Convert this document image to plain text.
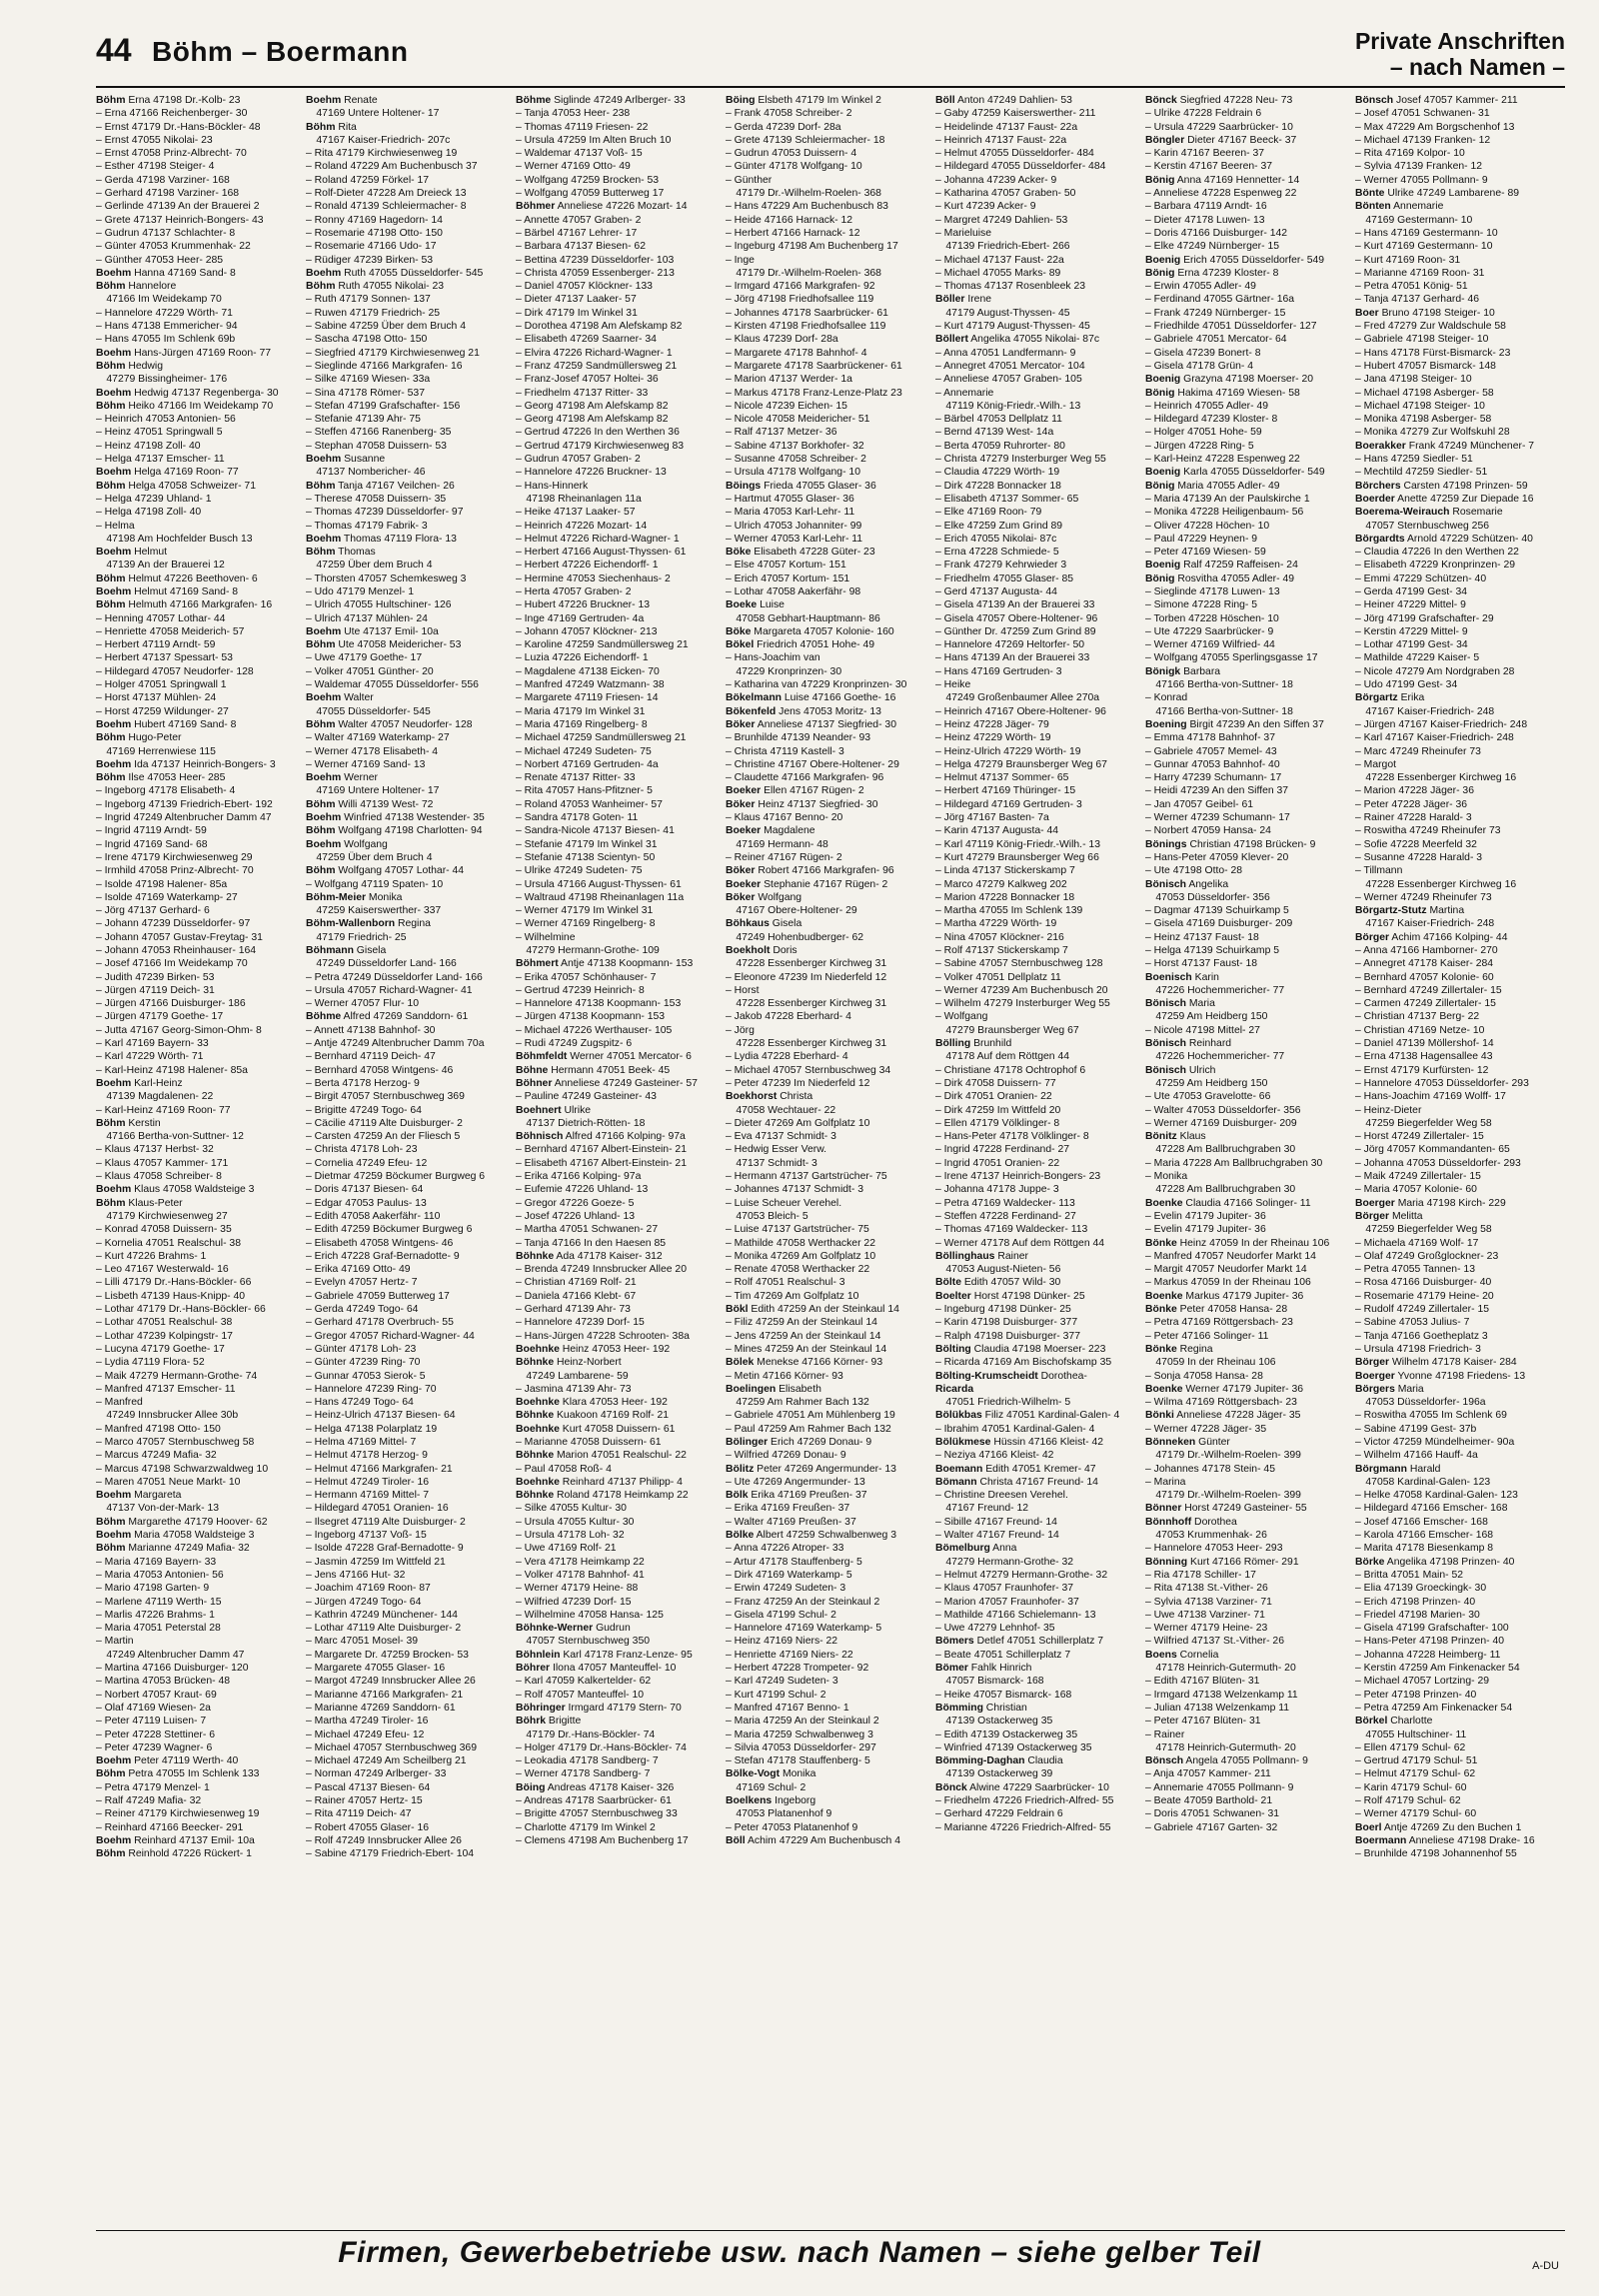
44 Böhm – Boermann	Private Anschriften
– nach Namen –
Böhm Erna 47198 Dr.-Kolb- 23
– Erna 47166 Reichenberger- 30
– Ernst 47179 Dr.-Hans-Böckler- 48
– Ernst 47055 Nikolai- 23
– Ernst 47058 Prinz-Albrecht- 70
– Esther 47198 Steiger- 4
– Gerda 47198 Varziner- 168
– Gerhard 47198 Varziner- 168
– Gerlinde 47139 An der Brauerei 2
– Grete 47137 Heinrich-Bongers- 43
– Gudrun 47137 Schlachter- 8
– Günter 47053 Krummenhak- 22
– Günther 47053 Heer- 285
Boehm Hanna 47169 Sand- 8
Böhm Hannelore
 47166 Im Weidekamp 70
– Hannelore 47229 Wörth- 71
– Hans 47138 Emmericher- 94
– Hans 47055 Im Schlenk 69b
Boehm Hans-Jürgen 47169 Roon- 77
Böhm Hedwig
 47279 Bissingheimer- 176
Boehm Hedwig 47137 Regenberga- 30
Böhm Heiko 47166 Im Weidekamp 70
– Heinrich 47053 Antonien- 56
– Heinz 47051 Springwall 5
– Heinz 47198 Zoll- 40
– Helga 47137 Emscher- 11
Boehm Helga 47169 Roon- 77
Böhm Helga 47058 Schweizer- 71
– Helga 47239 Uhland- 1
– Helga 47198 Zoll- 40
– Helma
 47198 Am Hochfelder Busch 13
Boehm Helmut
 47139 An der Brauerei 12
Böhm Helmut 47226 Beethoven- 6
Boehm Helmut 47169 Sand- 8
Böhm Helmuth 47166 Markgrafen- 16
– Henning 47057 Lothar- 44
– Henriette 47058 Meiderich- 57
– Herbert 47119 Arndt- 59
– Herbert 47137 Spessart- 53
– Hildegard 47057 Neudorfer- 128
– Holger 47051 Springwall 1
– Horst 47137 Mühlen- 24
– Horst 47259 Wildunger- 27
Boehm Hubert 47169 Sand- 8
Böhm Hugo-Peter
 47169 Herrenwiese 115
Boehm Ida 47137 Heinrich-Bongers- 3
Böhm Ilse 47053 Heer- 285
– Ingeborg 47178 Elisabeth- 4
– Ingeborg 47139 Friedrich-Ebert- 192
– Ingrid 47249 Altenbrucher Damm 47
– Ingrid 47119 Arndt- 59
– Ingrid 47169 Sand- 68
– Irene 47179 Kirchwiesenweg 29
– Irmhild 47058 Prinz-Albrecht- 70
– Isolde 47198 Halener- 85a
– Isolde 47169 Waterkamp- 27
– Jörg 47137 Gerhard- 6
– Johann 47239 Düsseldorfer- 97
– Johann 47057 Gustav-Freytag- 31
– Johann 47053 Rheinhauser- 164
– Josef 47166 Im Weidekamp 70
– Judith 47239 Birken- 53
– Jürgen 47119 Deich- 31
– Jürgen 47166 Duisburger- 186
– Jürgen 47179 Goethe- 17
– Jutta 47167 Georg-Simon-Ohm- 8
– Karl 47169 Bayern- 33
– Karl 47229 Wörth- 71
– Karl-Heinz 47198 Halener- 85a
Boehm Karl-Heinz
 47139 Magdalenen- 22
– Karl-Heinz 47169 Roon- 77
Böhm Kerstin
 47166 Bertha-von-Suttner- 12
– Klaus 47137 Herbst- 32
– Klaus 47057 Kammer- 171
– Klaus 47058 Schreiber- 8
Boehm Klaus 47058 Waldsteige 3
Böhm Klaus-Peter
 47179 Kirchwiesenweg 27
– Konrad 47058 Duissern- 35
– Kornelia 47051 Realschul- 38
– Kurt 47226 Brahms- 1
– Leo 47167 Westerwald- 16
– Lilli 47179 Dr.-Hans-Böckler- 66
– Lisbeth 47139 Haus-Knipp- 40
– Lothar 47179 Dr.-Hans-Böckler- 66
– Lothar 47051 Realschul- 38
– Lothar 47239 Kolpingstr- 17
– Lucyna 47179 Goethe- 17
– Lydia 47119 Flora- 52
– Maik 47279 Hermann-Grothe- 74
– Manfred 47137 Emscher- 11
– Manfred
 47249 Innsbrucker Allee 30b
– Manfred 47198 Otto- 150
– Marco 47057 Sternbuschweg 58
– Marcus 47249 Mafia- 32
– Marcus 47198 Schwarzwaldweg 10
– Maren 47051 Neue Markt- 10
Boehm Margareta
 47137 Von-der-Mark- 13
Böhm Margarethe 47179 Hoover- 62
Boehm Maria 47058 Waldsteige 3
Böhm Marianne 47249 Mafia- 32
– Maria 47169 Bayern- 33
– Maria 47053 Antonien- 56
– Mario 47198 Garten- 9
– Marlene 47119 Werth- 15
– Marlis 47226 Brahms- 1
– Maria 47051 Peterstal 28
– Martin
 47249 Altenbrucher Damm 47
– Martina 47166 Duisburger- 120
– Martina 47053 Brücken- 48
– Norbert 47057 Kraut- 69
– Olaf 47169 Wiesen- 2a
– Peter 47119 Luisen- 7
– Peter 47228 Stettiner- 6
– Peter 47239 Wagner- 6
Boehm Peter 47119 Werth- 40
Böhm Petra 47055 Im Schlenk 133
– Petra 47179 Menzel- 1
– Ralf 47249 Mafia- 32
– Reiner 47179 Kirchwiesenweg 19
– Reinhard 47166 Beecker- 291
Boehm Reinhard 47137 Emil- 10a
Böhm Reinhold 47226 Rückert- 1
Boehm Renate
 47169 Untere Holtener- 17
Böhm Rita
 47167 Kaiser-Friedrich- 207c
– Rita 47179 Kirchwiesenweg 19
– Roland 47229 Am Buchenbusch 37
– Roland 47259 Förkel- 17
– Rolf-Dieter 47228 Am Dreieck 13
– Ronald 47139 Schleiermacher- 8
– Ronny 47169 Hagedorn- 14
– Rosemarie 47198 Otto- 150
– Rosemarie 47166 Udo- 17
– Rüdiger 47239 Birken- 53
Boehm Ruth 47055 Düsseldorfer- 545
Böhm Ruth 47055 Nikolai- 23
– Ruth 47179 Sonnen- 137
– Ruwen 47179 Friedrich- 25
– Sabine 47259 Über dem Bruch 4
– Sascha 47198 Otto- 150
– Siegfried 47179 Kirchwiesenweg 21
– Sieglinde 47166 Markgrafen- 16
– Silke 47169 Wiesen- 33a
– Sina 47178 Römer- 537
– Stefan 47199 Grafschafter- 156
– Stefanie 47139 Ahr- 75
– Steffen 47166 Ranenberg- 35
– Stephan 47058 Duissern- 53
Boehm Susanne
 47137 Nombericher- 46
Böhm Tanja 47167 Veilchen- 26
– Therese 47058 Duissern- 35
– Thomas 47239 Düsseldorfer- 97
– Thomas 47179 Fabrik- 3
Boehm Thomas 47119 Flora- 13
Böhm Thomas
 47259 Über dem Bruch 4
– Thorsten 47057 Schemkesweg 3
– Udo 47179 Menzel- 1
– Ulrich 47055 Hultschiner- 126
– Ulrich 47137 Mühlen- 24
Boehm Ute 47137 Emil- 10a
Böhm Ute 47058 Meidericher- 53
– Uwe 47179 Goethe- 17
– Volker 47051 Günther- 20
– Waldemar 47055 Düsseldorfer- 556
Boehm Walter
 47055 Düsseldorfer- 545
Böhm Walter 47057 Neudorfer- 128
– Walter 47169 Waterkamp- 27
– Werner 47178 Elisabeth- 4
– Werner 47169 Sand- 13
Boehm Werner
 47169 Untere Holtener- 17
Böhm Willi 47139 West- 72
Boehm Winfried 47138 Westender- 35
Böhm Wolfgang 47198 Charlotten- 94
Boehm Wolfgang
 47259 Über dem Bruch 4
Böhm Wolfgang 47057 Lothar- 44
– Wolfgang 47119 Spaten- 10
Böhm-Meier Monika
 47259 Kaiserswerther- 337
Böhm-Wallenborn Regina
 47179 Friedrich- 25
Böhmann Gisela
 47249 Düsseldorfer Land- 166
– Petra 47249 Düsseldorfer Land- 166
– Ursula 47057 Richard-Wagner- 41
– Werner 47057 Flur- 10
Böhme Alfred 47269 Sanddorn- 61
– Annett 47138 Bahnhof- 30
– Antje 47249 Altenbrucher Damm 70a
– Bernhard 47119 Deich- 47
– Bernhard 47058 Wintgens- 46
– Berta 47178 Herzog- 9
– Birgit 47057 Sternbuschweg 369
– Brigitte 47249 Togo- 64
– Cäcilie 47119 Alte Duisburger- 2
– Carsten 47259 An der Fliesch 5
– Christa 47178 Loh- 23
– Cornelia 47249 Efeu- 12
– Dietmar 47259 Böckumer Burgweg 6
– Doris 47137 Biesen- 64
– Edgar 47053 Paulus- 13
– Edith 47058 Aakerfähr- 110
– Edith 47259 Böckumer Burgweg 6
– Elisabeth 47058 Wintgens- 46
– Erich 47228 Graf-Bernadotte- 9
– Erika 47169 Otto- 49
– Evelyn 47057 Hertz- 7
– Gabriele 47059 Butterweg 17
– Gerda 47249 Togo- 64
– Gerhard 47178 Overbruch- 55
– Gregor 47057 Richard-Wagner- 44
– Günter 47178 Loh- 23
– Günter 47239 Ring- 70
– Gunnar 47053 Sierok- 5
– Hannelore 47239 Ring- 70
– Hans 47249 Togo- 64
– Heinz-Ulrich 47137 Biesen- 64
– Helga 47138 Polarplatz 19
– Helma 47169 Mittel- 7
– Helmut 47178 Herzog- 9
– Helmut 47166 Markgrafen- 21
– Helmut 47249 Tiroler- 16
– Hermann 47169 Mittel- 7
– Hildegard 47051 Oranien- 16
– Ilsegret 47119 Alte Duisburger- 2
– Ingeborg 47137 Voß- 15
– Isolde 47228 Graf-Bernadotte- 9
– Jasmin 47259 Im Wittfeld 21
– Jens 47166 Hut- 32
– Joachim 47169 Roon- 87
– Jürgen 47249 Togo- 64
– Kathrin 47249 Münchener- 144
– Lothar 47119 Alte Duisburger- 2
– Marc 47051 Mosel- 39
– Margarete Dr. 47259 Brocken- 53
– Margarete 47055 Glaser- 16
– Margot 47249 Innsbrucker Allee 26
– Marianne 47166 Markgrafen- 21
– Marianne 47269 Sanddorn- 61
– Martha 47249 Tiroler- 16
– Michael 47249 Efeu- 12
– Michael 47057 Sternbuschweg 369
– Michael 47249 Am Scheilberg 21
– Norman 47249 Arlberger- 33
– Pascal 47137 Biesen- 64
– Rainer 47057 Hertz- 15
– Rita 47119 Deich- 47
– Robert 47055 Glaser- 16
– Rolf 47249 Innsbrucker Allee 26
– Sabine 47179 Friedrich-Ebert- 104
Böhme Siglinde 47249 Arlberger- 33
– Tanja 47053 Heer- 238
– Thomas 47119 Friesen- 22
– Ursula 47259 Im Alten Bruch 10
– Waldemar 47137 Voß- 15
– Werner 47169 Otto- 49
– Wolfgang 47259 Brocken- 53
– Wolfgang 47059 Butterweg 17
Böhmer Anneliese 47226 Mozart- 14
– Annette 47057 Graben- 2
– Bärbel 47167 Lehrer- 17
– Barbara 47137 Biesen- 62
– Bettina 47239 Düsseldorfer- 103
– Christa 47059 Essenberger- 213
– Daniel 47057 Klöckner- 133
– Dieter 47137 Laaker- 57
– Dirk 47179 Im Winkel 31
– Dorothea 47198 Am Alefskamp 82
– Elisabeth 47269 Saarner- 34
– Elvira 47226 Richard-Wagner- 1
– Franz 47259 Sandmüllersweg 21
– Franz-Josef 47057 Holtei- 36
– Friedhelm 47137 Ritter- 33
– Georg 47198 Am Alefskamp 82
– Georg 47198 Am Alefskamp 82
– Gertrud 47226 In den Werthen 36
– Gertrud 47179 Kirchwiesenweg 83
– Gudrun 47057 Graben- 2
– Hannelore 47226 Bruckner- 13
– Hans-Hinnerk
 47198 Rheinanlagen 11a
– Heike 47137 Laaker- 57
– Heinrich 47226 Mozart- 14
– Helmut 47226 Richard-Wagner- 1
– Herbert 47166 August-Thyssen- 61
– Herbert 47226 Eichendorff- 1
– Hermine 47053 Siechenhaus- 2
– Herta 47057 Graben- 2
– Hubert 47226 Bruckner- 13
– Inge 47169 Gertruden- 4a
– Johann 47057 Klöckner- 213
– Karoline 47259 Sandmüllersweg 21
– Luzia 47226 Eichendorff- 1
– Magdalene 47138 Eicken- 70
– Manfred 47249 Watzmann- 38
– Margarete 47119 Friesen- 14
– Maria 47179 Im Winkel 31
– Maria 47169 Ringelberg- 8
– Michael 47259 Sandmüllersweg 21
– Michael 47249 Sudeten- 75
– Norbert 47169 Gertruden- 4a
– Renate 47137 Ritter- 33
– Rita 47057 Hans-Pfitzner- 5
– Roland 47053 Wanheimer- 57
– Sandra 47178 Goten- 11
– Sandra-Nicole 47137 Biesen- 41
– Stefanie 47179 Im Winkel 31
– Stefanie 47138 Scientyn- 50
– Ulrike 47249 Sudeten- 75
– Ursula 47166 August-Thyssen- 61
– Waltraud 47198 Rheinanlagen 11a
– Werner 47179 Im Winkel 31
– Werner 47169 Ringelberg- 8
– Wilhelmine
 47279 Hermann-Grothe- 109
Böhmert Antje 47138 Koopmann- 153
– Erika 47057 Schönhauser- 7
– Gertrud 47239 Heinrich- 8
– Hannelore 47138 Koopmann- 153
– Jürgen 47138 Koopmann- 153
– Michael 47226 Werthauser- 105
– Rudi 47249 Zugspitz- 6
Böhmfeldt Werner 47051 Mercator- 6
Böhne Hermann 47051 Beek- 45
Böhner Anneliese 47249 Gasteiner- 57
– Pauline 47249 Gasteiner- 43
Boehnert Ulrike
 47137 Dietrich-Rötten- 18
Böhnisch Alfred 47166 Kolping- 97a
– Bernhard 47167 Albert-Einstein- 21
– Elisabeth 47167 Albert-Einstein- 21
– Erika 47166 Kolping- 97a
– Eufemie 47226 Uhland- 13
– Gregor 47226 Goeze- 5
– Josef 47226 Uhland- 13
– Martha 47051 Schwanen- 27
– Tanja 47166 In den Haesen 85
Böhnke Ada 47178 Kaiser- 312
– Brenda 47249 Innsbrucker Allee 20
– Christian 47169 Rolf- 21
– Daniela 47166 Klebt- 67
– Gerhard 47139 Ahr- 73
– Hannelore 47239 Dorf- 15
– Hans-Jürgen 47228 Schrooten- 38a
Boehnke Heinz 47053 Heer- 192
Böhnke Heinz-Norbert
 47249 Lambarene- 59
– Jasmina 47139 Ahr- 73
Boehnke Klara 47053 Heer- 192
Böhnke Kuakoon 47169 Rolf- 21
Boehnke Kurt 47058 Duissern- 61
– Marianne 47058 Duissern- 61
Böhnke Marion 47051 Realschul- 22
– Paul 47058 Roß- 4
Boehnke Reinhard 47137 Philipp- 4
Böhnke Roland 47178 Heimkamp 22
– Silke 47055 Kultur- 30
– Ursula 47055 Kultur- 30
– Ursula 47178 Loh- 32
– Uwe 47169 Rolf- 21
– Vera 47178 Heimkamp 22
– Volker 47178 Bahnhof- 41
– Werner 47179 Heine- 88
– Wilfried 47239 Dorf- 15
– Wilhelmine 47058 Hansa- 125
Böhnke-Werner Gudrun
 47057 Sternbuschweg 350
Böhnlein Karl 47178 Franz-Lenze- 95
Böhrer Ilona 47057 Manteuffel- 10
– Karl 47059 Kalkertelder- 62
– Rolf 47057 Manteuffel- 10
Böhringer Irmgard 47179 Stern- 70
Böhrk Brigitte
 47179 Dr.-Hans-Böckler- 74
– Holger 47179 Dr.-Hans-Böckler- 74
– Leokadia 47178 Sandberg- 7
– Werner 47178 Sandberg- 7
Böing Andreas 47178 Kaiser- 326
– Andreas 47178 Saarbrücker- 61
– Brigitte 47057 Sternbuschweg 33
– Charlotte 47179 Im Winkel 2
– Clemens 47198 Am Buchenberg 17
Böing Elsbeth 47179 Im Winkel 2
– Frank 47058 Schreiber- 2
– Gerda 47239 Dorf- 28a
– Grete 47139 Schleiermacher- 18
– Gudrun 47053 Duissern- 4
– Günter 47178 Wolfgang- 10
– Günther
 47179 Dr.-Wilhelm-Roelen- 368
– Hans 47229 Am Buchenbusch 83
– Heide 47166 Harnack- 12
– Herbert 47166 Harnack- 12
– Ingeburg 47198 Am Buchenberg 17
– Inge
 47179 Dr.-Wilhelm-Roelen- 368
– Irmgard 47166 Markgrafen- 92
– Jörg 47198 Friedhofsallee 119
– Johannes 47178 Saarbrücker- 61
– Kirsten 47198 Friedhofsallee 119
– Klaus 47239 Dorf- 28a
– Margarete 47178 Bahnhof- 4
– Margarete 47178 Saarbrückener- 61
– Marion 47137 Werder- 1a
– Markus 47178 Franz-Lenze-Platz 23
– Nicole 47239 Eichen- 15
– Nicole 47058 Meidericher- 51
– Ralf 47137 Metzer- 36
– Sabine 47137 Borkhofer- 32
– Susanne 47058 Schreiber- 2
– Ursula 47178 Wolfgang- 10
Böings Frieda 47055 Glaser- 36
– Hartmut 47055 Glaser- 36
– Maria 47053 Karl-Lehr- 11
– Ulrich 47053 Johanniter- 99
– Werner 47053 Karl-Lehr- 11
Böke Elisabeth 47228 Güter- 23
– Else 47057 Kortum- 151
– Erich 47057 Kortum- 151
– Lothar 47058 Aakerfähr- 98
Boeke Luise
 47058 Gebhart-Hauptmann- 86
Böke Margareta 47057 Kolonie- 160
Bökel Friedrich 47051 Hohe- 49
– Hans-Joachim van
 47229 Kronprinzen- 30
– Katharina van 47229 Kronprinzen- 30
Bökelmann Luise 47166 Goethe- 16
Bökenfeld Jens 47053 Moritz- 13
Böker Anneliese 47137 Siegfried- 30
– Brunhilde 47139 Neander- 93
– Christa 47119 Kastell- 3
– Christine 47167 Obere-Holtener- 29
– Claudette 47166 Markgrafen- 96
Boeker Ellen 47167 Rügen- 2
Böker Heinz 47137 Siegfried- 30
– Klaus 47167 Benno- 20
Boeker Magdalene
 47169 Hermann- 48
– Reiner 47167 Rügen- 2
Böker Robert 47166 Markgrafen- 96
Boeker Stephanie 47167 Rügen- 2
Böker Wolfgang
 47167 Obere-Holtener- 29
Böhkaus Gisela
 47249 Hohenbudberger- 62
Boekholt Doris
 47228 Essenberger Kirchweg 31
– Eleonore 47239 Im Niederfeld 12
– Horst
 47228 Essenberger Kirchweg 31
– Jakob 47228 Eberhard- 4
– Jörg
 47228 Essenberger Kirchweg 31
– Lydia 47228 Eberhard- 4
– Michael 47057 Sternbuschweg 34
– Peter 47239 Im Niederfeld 12
Boekhorst Christa
 47058 Wechtauer- 22
– Dieter 47269 Am Golfplatz 10
– Eva 47137 Schmidt- 3
– Hedwig Esser Verw.
 47137 Schmidt- 3
– Hermann 47137 Gartstrücher- 75
– Johannes 47137 Schmidt- 3
– Luise Scheuer Verehel.
 47053 Bleich- 5
– Luise 47137 Gartstrücher- 75
– Mathilde 47058 Werthacker 22
– Monika 47269 Am Golfplatz 10
– Renate 47058 Werthacker 22
– Rolf 47051 Realschul- 3
– Tim 47269 Am Golfplatz 10
Bökl Edith 47259 An der Steinkaul 14
– Filiz 47259 An der Steinkaul 14
– Jens 47259 An der Steinkaul 14
– Mines 47259 An der Steinkaul 14
Bölek Menekse 47166 Körner- 93
– Metin 47166 Körner- 93
Boelingen Elisabeth
 47259 Am Rahmer Bach 132
– Gabriele 47051 Am Mühlenberg 19
– Paul 47259 Am Rahmer Bach 132
Bölinger Erich 47269 Donau- 9
– Wilfried 47269 Donau- 9
Bölitz Peter 47269 Angermunder- 13
– Ute 47269 Angermunder- 13
Bölk Erika 47169 Preußen- 37
– Erika 47169 Freußen- 37
– Walter 47169 Preußen- 37
Bölke Albert 47259 Schwalbenweg 3
– Anna 47226 Atroper- 33
– Artur 47178 Stauffenberg- 5
– Dirk 47169 Waterkamp- 5
– Erwin 47249 Sudeten- 3
– Franz 47259 An der Steinkaul 2
– Gisela 47199 Schul- 2
– Hannelore 47169 Waterkamp- 5
– Heinz 47169 Niers- 22
– Henriette 47169 Niers- 22
– Herbert 47228 Trompeter- 92
– Karl 47249 Sudeten- 3
– Kurt 47199 Schul- 2
– Manfred 47167 Benno- 1
– Maria 47259 An der Steinkaul 2
– Maria 47259 Schwalbenweg 3
– Silvia 47053 Düsseldorfer- 297
– Stefan 47178 Stauffenberg- 5
Bölke-Vogt Monika
 47169 Schul- 2
Boelkens Ingeborg
 47053 Platanenhof 9
– Peter 47053 Platanenhof 9
Böll Achim 47229 Am Buchenbusch 4
Böll Anton 47249 Dahlien- 53
– Gaby 47259 Kaiserswerther- 211
– Heidelinde 47137 Faust- 22a
– Heinrich 47137 Faust- 22a
– Helmut 47055 Düsseldorfer- 484
– Hildegard 47055 Düsseldorfer- 484
– Johanna 47239 Acker- 9
– Katharina 47057 Graben- 50
– Kurt 47239 Acker- 9
– Margret 47249 Dahlien- 53
– Marieluise
 47139 Friedrich-Ebert- 266
– Michael 47137 Faust- 22a
– Michael 47055 Marks- 89
– Thomas 47137 Rosenbleek 23
Böller Irene
 47179 August-Thyssen- 45
– Kurt 47179 August-Thyssen- 45
Böllert Angelika 47055 Nikolai- 87c
– Anna 47051 Landfermann- 9
– Annegret 47051 Mercator- 104
– Anneliese 47057 Graben- 105
– Annemarie
 47119 König-Friedr.-Wilh.- 13
– Bärbel 47053 Dellplatz 11
– Bernd 47139 West- 14a
– Berta 47059 Ruhrorter- 80
– Christa 47279 Insterburger Weg 55
– Claudia 47229 Wörth- 19
– Dirk 47228 Bonnacker 18
– Elisabeth 47137 Sommer- 65
– Elke 47169 Roon- 79
– Elke 47259 Zum Grind 89
– Erich 47055 Nikolai- 87c
– Erna 47228 Schmiede- 5
– Frank 47279 Kehrwieder 3
– Friedhelm 47055 Glaser- 85
– Gerd 47137 Augusta- 44
– Gisela 47139 An der Brauerei 33
– Gisela 47057 Obere-Holtener- 96
– Günther Dr. 47259 Zum Grind 89
– Hannelore 47269 Heltorfer- 50
– Hans 47139 An der Brauerei 33
– Hans 47169 Gertruden- 3
– Heike
 47249 Großenbaumer Allee 270a
– Heinrich 47167 Obere-Holtener- 96
– Heinz 47228 Jäger- 79
– Heinz 47229 Wörth- 19
– Heinz-Ulrich 47229 Wörth- 19
– Helga 47279 Braunsberger Weg 67
– Helmut 47137 Sommer- 65
– Herbert 47169 Thüringer- 15
– Hildegard 47169 Gertruden- 3
– Jörg 47167 Basten- 7a
– Karin 47137 Augusta- 44
– Karl 47119 König-Friedr.-Wilh.- 13
– Kurt 47279 Braunsberger Weg 66
– Linda 47137 Stickerskamp 7
– Marco 47279 Kalkweg 202
– Marion 47228 Bonnacker 18
– Martha 47055 Im Schlenk 139
– Martha 47229 Wörth- 19
– Nina 47057 Klöckner- 216
– Rolf 47137 Stickerskamp 7
– Sabine 47057 Sternbuschweg 128
– Volker 47051 Dellplatz 11
– Werner 47239 Am Buchenbusch 20
– Wilhelm 47279 Insterburger Weg 55
– Wolfgang
 47279 Braunsberger Weg 67
Bölling Brunhild
 47178 Auf dem Röttgen 44
– Christiane 47178 Ochtrophof 6
– Dirk 47058 Duissern- 77
– Dirk 47051 Oranien- 22
– Dirk 47259 Im Wittfeld 20
– Ellen 47179 Völklinger- 8
– Hans-Peter 47178 Völklinger- 8
– Ingrid 47228 Ferdinand- 27
– Ingrid 47051 Oranien- 22
– Irene 47137 Heinrich-Bongers- 23
– Johanna 47178 Juppe- 3
– Petra 47169 Waldecker- 113
– Steffen 47228 Ferdinand- 27
– Thomas 47169 Waldecker- 113
– Werner 47178 Auf dem Röttgen 44
Böllinghaus Rainer
 47053 August-Nieten- 56
Bölte Edith 47057 Wild- 30
Boelter Horst 47198 Dünker- 25
– Ingeburg 47198 Dünker- 25
– Karin 47198 Duisburger- 377
– Ralph 47198 Duisburger- 377
Bölting Claudia 47198 Moerser- 223
– Ricarda 47169 Am Bischofskamp 35
Bölting-Krumscheidt Dorothea-
Ricarda
 47051 Friedrich-Wilhelm- 5
Bölükbas Filiz 47051 Kardinal-Galen- 4
– Ibrahim 47051 Kardinal-Galen- 4
Bölükmese Hüssin 47166 Kleist- 42
– Neziya 47166 Kleist- 42
Boemann Edith 47051 Kremer- 47
Bömann Christa 47167 Freund- 14
– Christine Dreesen Verehel.
 47167 Freund- 12
– Sibille 47167 Freund- 14
– Walter 47167 Freund- 14
Bömelburg Anna
 47279 Hermann-Grothe- 32
– Helmut 47279 Hermann-Grothe- 32
– Klaus 47057 Fraunhofer- 37
– Marion 47057 Fraunhofer- 37
– Mathilde 47166 Schielemann- 13
– Uwe 47279 Lehnhof- 35
Bömers Detlef 47051 Schillerplatz 7
– Beate 47051 Schillerplatz 7
Bömer Fahlk Hinrich
 47057 Bismarck- 168
– Heike 47057 Bismarck- 168
Bömming Christian
 47139 Ostackerweg 35
– Edith 47139 Ostackerweg 35
– Winfried 47139 Ostackerweg 35
Bömming-Daghan Claudia
 47139 Ostackerweg 39
Bönck Alwine 47229 Saarbrücker- 10
– Friedhelm 47226 Friedrich-Alfred- 55
– Gerhard 47229 Feldrain 6
– Marianne 47226 Friedrich-Alfred- 55
Bönck Siegfried 47228 Neu- 73
– Ulrike 47228 Feldrain 6
– Ursula 47229 Saarbrücker- 10
Böngler Dieter 47167 Beeck- 37
– Karin 47167 Beeren- 37
– Kerstin 47167 Beeren- 37
Bönig Anna 47169 Hennetter- 14
– Anneliese 47228 Espenweg 22
– Barbara 47119 Arndt- 16
– Dieter 47178 Luwen- 13
– Doris 47166 Duisburger- 142
– Elke 47249 Nürnberger- 15
Boenig Erich 47055 Düsseldorfer- 549
Bönig Erna 47239 Kloster- 8
– Erwin 47055 Adler- 49
– Ferdinand 47055 Gärtner- 16a
– Frank 47249 Nürnberger- 15
– Friedhilde 47051 Düsseldorfer- 127
– Gabriele 47051 Mercator- 64
– Gisela 47239 Bonert- 8
– Gisela 47178 Grün- 4
Boenig Grazyna 47198 Moerser- 20
Bönig Hakima 47169 Wiesen- 58
– Heinrich 47055 Adler- 49
– Hildegard 47239 Kloster- 8
– Holger 47051 Hohe- 59
– Jürgen 47228 Ring- 5
– Karl-Heinz 47228 Espenweg 22
Boenig Karla 47055 Düsseldorfer- 549
Bönig Maria 47055 Adler- 49
– Maria 47139 An der Paulskirche 1
– Monika 47228 Heiligenbaum- 56
– Oliver 47228 Höchen- 10
– Paul 47229 Heynen- 9
– Peter 47169 Wiesen- 59
Boenig Ralf 47259 Raffeisen- 24
Bönig Rosvitha 47055 Adler- 49
– Sieglinde 47178 Luwen- 13
– Simone 47228 Ring- 5
– Torben 47228 Höschen- 10
– Ute 47229 Saarbrücker- 9
– Werner 47169 Wilfried- 44
– Wolfgang 47055 Sperlingsgasse 17
Bönigk Barbara
 47166 Bertha-von-Suttner- 18
– Konrad
 47166 Bertha-von-Suttner- 18
Boening Birgit 47239 An den Siffen 37
– Emma 47178 Bahnhof- 37
– Gabriele 47057 Memel- 43
– Gunnar 47053 Bahnhof- 40
– Harry 47239 Schumann- 17
– Heidi 47239 An den Siffen 37
– Jan 47057 Geibel- 61
– Werner 47239 Schumann- 17
– Norbert 47059 Hansa- 24
Bönings Christian 47198 Brücken- 9
– Hans-Peter 47059 Klever- 20
– Ute 47198 Otto- 28
Bönisch Angelika
 47053 Düsseldorfer- 356
– Dagmar 47139 Schuirkamp 5
– Gisela 47169 Duisburger- 209
– Heinz 47137 Faust- 18
– Helga 47139 Schuirkamp 5
– Horst 47137 Faust- 18
Boenisch Karin
 47226 Hochemmericher- 77
Bönisch Maria
 47259 Am Heidberg 150
– Nicole 47198 Mittel- 27
Bönisch Reinhard
 47226 Hochemmericher- 77
Bönisch Ulrich
 47259 Am Heidberg 150
– Ute 47053 Gravelotte- 66
– Walter 47053 Düsseldorfer- 356
– Werner 47169 Duisburger- 209
Bönitz Klaus
 47228 Am Ballbruchgraben 30
– Maria 47228 Am Ballbruchgraben 30
– Monika
 47228 Am Ballbruchgraben 30
Boenke Claudia 47166 Solinger- 11
– Evelin 47179 Jupiter- 36
– Evelin 47179 Jupiter- 36
Bönke Heinz 47059 In der Rheinau 106
– Manfred 47057 Neudorfer Markt 14
– Margit 47057 Neudorfer Markt 14
– Markus 47059 In der Rheinau 106
Boenke Markus 47179 Jupiter- 36
Bönke Peter 47058 Hansa- 28
– Petra 47169 Röttgersbach- 23
– Peter 47166 Solinger- 11
Bönke Regina
 47059 In der Rheinau 106
– Sonja 47058 Hansa- 28
Boenke Werner 47179 Jupiter- 36
– Wilma 47169 Röttgersbach- 23
Bönki Anneliese 47228 Jäger- 35
– Werner 47228 Jäger- 35
Bönneken Günter
 47179 Dr.-Wilhelm-Roelen- 399
– Johannes 47178 Stein- 45
– Marina
 47179 Dr.-Wilhelm-Roelen- 399
Bönner Horst 47249 Gasteiner- 55
Bönnhoff Dorothea
 47053 Krummenhak- 26
– Hannelore 47053 Heer- 293
Bönning Kurt 47166 Römer- 291
– Ria 47178 Schiller- 17
– Rita 47138 St.-Vither- 26
– Sylvia 47138 Varziner- 71
– Uwe 47138 Varziner- 71
– Werner 47179 Heine- 23
– Wilfried 47137 St.-Vither- 26
Boens Cornelia
 47178 Heinrich-Gutermuth- 20
– Edith 47167 Blüten- 31
– Irmgard 47138 Welzenkamp 11
– Julian 47138 Welzenkamp 11
– Peter 47167 Blüten- 31
– Rainer
 47178 Heinrich-Gutermuth- 20
Bönsch Angela 47055 Pollmann- 9
– Anja 47057 Kammer- 211
– Annemarie 47055 Pollmann- 9
– Beate 47059 Barthold- 21
– Doris 47051 Schwanen- 31
– Gabriele 47167 Garten- 32
Bönsch Josef 47057 Kammer- 211
– Josef 47051 Schwanen- 31
– Max 47229 Am Borgschenhof 13
– Michael 47139 Franken- 12
– Rita 47169 Kolpor- 10
– Sylvia 47139 Franken- 12
– Werner 47055 Pollmann- 9
Bönte Ulrike 47249 Lambarene- 89
Bönten Annemarie
 47169 Gestermann- 10
– Hans 47169 Gestermann- 10
– Kurt 47169 Gestermann- 10
– Kurt 47169 Roon- 31
– Marianne 47169 Roon- 31
– Petra 47051 König- 51
– Tanja 47137 Gerhard- 46
Boer Bruno 47198 Steiger- 10
– Fred 47279 Zur Waldschule 58
– Gabriele 47198 Steiger- 10
– Hans 47178 Fürst-Bismarck- 23
– Hubert 47057 Bismarck- 148
– Jana 47198 Steiger- 10
– Michael 47198 Asberger- 58
– Michael 47198 Steiger- 10
– Monika 47198 Asberger- 58
– Monika 47279 Zur Wolfskuhl 28
Boerakker Frank 47249 Münchener- 7
– Hans 47259 Siedler- 51
– Mechtild 47259 Siedler- 51
Börchers Carsten 47198 Prinzen- 59
Boerder Anette 47259 Zur Diepade 16
Boerema-Weirauch Rosemarie
 47057 Sternbuschweg 256
Börgardts Arnold 47229 Schützen- 40
– Claudia 47226 In den Werthen 22
– Elisabeth 47229 Kronprinzen- 29
– Emmi 47229 Schützen- 40
– Gerda 47199 Gest- 34
– Heiner 47229 Mittel- 9
– Jörg 47199 Grafschafter- 29
– Kerstin 47229 Mittel- 9
– Lothar 47199 Gest- 34
– Mathilde 47229 Kaiser- 5
– Nicole 47279 Am Nordgraben 28
– Udo 47199 Gest- 34
Börgartz Erika
 47167 Kaiser-Friedrich- 248
– Jürgen 47167 Kaiser-Friedrich- 248
– Karl 47167 Kaiser-Friedrich- 248
– Marc 47249 Rheinufer 73
– Margot
 47228 Essenberger Kirchweg 16
– Marion 47228 Jäger- 36
– Peter 47228 Jäger- 36
– Rainer 47228 Harald- 3
– Roswitha 47249 Rheinufer 73
– Sofie 47228 Meerfeld 32
– Susanne 47228 Harald- 3
– Tillmann
 47228 Essenberger Kirchweg 16
– Werner 47249 Rheinufer 73
Börgartz-Stutz Martina
 47167 Kaiser-Friedrich- 248
Börger Achim 47166 Kolping- 44
– Anna 47166 Hamborner- 270
– Annegret 47178 Kaiser- 284
– Bernhard 47057 Kolonie- 60
– Bernhard 47249 Zillertaler- 15
– Carmen 47249 Zillertaler- 15
– Christian 47137 Berg- 22
– Christian 47169 Netze- 10
– Daniel 47139 Möllershof- 14
– Erna 47138 Hagensallee 43
– Ernst 47179 Kurfürsten- 12
– Hannelore 47053 Düsseldorfer- 293
– Hans-Joachim 47169 Wolff- 17
– Heinz-Dieter
 47259 Biegerfelder Weg 58
– Horst 47249 Zillertaler- 15
– Jörg 47057 Kommandanten- 65
– Johanna 47053 Düsseldorfer- 293
– Maik 47249 Zillertaler- 15
– Maria 47057 Kolonie- 60
Boerger Maria 47198 Kirch- 229
Börger Melitta
 47259 Biegerfelder Weg 58
– Michaela 47169 Wolf- 17
– Olaf 47249 Großglockner- 23
– Petra 47055 Tannen- 13
– Rosa 47166 Duisburger- 40
– Rosemarie 47179 Heine- 20
– Rudolf 47249 Zillertaler- 15
– Sabine 47053 Julius- 7
– Tanja 47166 Goetheplatz 3
– Ursula 47198 Friedrich- 3
Börger Wilhelm 47178 Kaiser- 284
Boerger Yvonne 47198 Friedens- 13
Börgers Maria
 47053 Düsseldorfer- 196a
– Roswitha 47055 Im Schlenk 69
– Sabine 47199 Gest- 37b
– Victor 47259 Mündelheimer- 90a
– Wilhelm 47166 Hauff- 4a
Börgmann Harald
 47058 Kardinal-Galen- 123
– Helke 47058 Kardinal-Galen- 123
– Hildegard 47166 Emscher- 168
– Josef 47166 Emscher- 168
– Karola 47166 Emscher- 168
– Marita 47178 Biesenkamp 8
Börke Angelika 47198 Prinzen- 40
– Britta 47051 Main- 52
– Elia 47139 Groeckingk- 30
– Erich 47198 Prinzen- 40
– Friedel 47198 Marien- 30
– Gisela 47199 Grafschafter- 100
– Hans-Peter 47198 Prinzen- 40
– Johanna 47228 Heimberg- 11
– Kerstin 47259 Am Finkenacker 54
– Michael 47057 Lortzing- 29
– Peter 47198 Prinzen- 40
– Petra 47259 Am Finkenacker 54
Börkel Charlotte
 47055 Hultschiner- 11
– Ellen 47179 Schul- 62
– Gertrud 47179 Schul- 51
– Helmut 47179 Schul- 62
– Karin 47179 Schul- 60
– Rolf 47179 Schul- 62
– Werner 47179 Schul- 60
Boerl Antje 47269 Zu den Buchen 1
Boermann Anneliese 47198 Drake- 16
– Brunhilde 47198 Johannenhof 55
Firmen, Gewerbebetriebe usw. nach Namen – siehe gelber Teil	A-DU
